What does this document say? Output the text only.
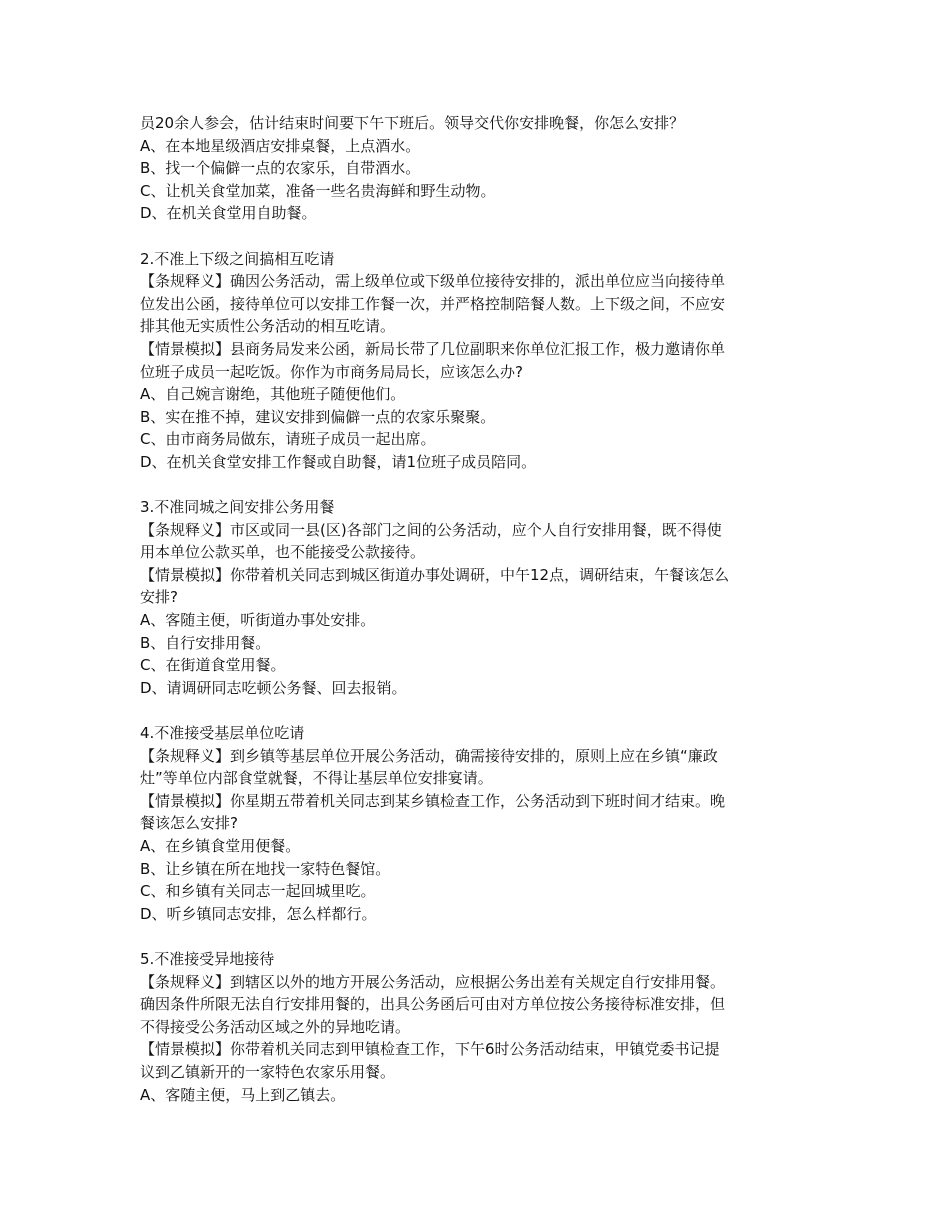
员20余人参会，估计结束时间要下午下班后。领导交代你安排晚餐，你怎么安排？
A、在本地星级酒店安排桌餐，上点酒水。
B、找一个偏僻一点的农家乐，自带酒水。
C、让机关食堂加菜，准备一些名贵海鲜和野生动物。
D、在机关食堂用自助餐。
2.不准上下级之间搞相互吃请
【条规释义】确因公务活动，需上级单位或下级单位接待安排的，派出单位应当向接待单
位发出公函，接待单位可以安排工作餐一次，并严格控制陪餐人数。上下级之间，不应安
排其他无实质性公务活动的相互吃请。
【情景模拟】县商务局发来公函，新局长带了几位副职来你单位汇报工作，极力邀请你单
位班子成员一起吃饭。你作为市商务局局长，应该怎么办?
A、自己婉言谢绝，其他班子随便他们。
B、实在推不掉，建议安排到偏僻一点的农家乐聚聚。
C、由市商务局做东，请班子成员一起出席。
D、在机关食堂安排工作餐或自助餐，请1位班子成员陪同。
3.不准同城之间安排公务用餐
【条规释义】市区或同一县(区)各部门之间的公务活动，应个人自行安排用餐，既不得使
用本单位公款买单，也不能接受公款接待。
【情景模拟】你带着机关同志到城区街道办事处调研，中午12点，调研结束，午餐该怎么
安排?
A、客随主便，听街道办事处安排。
B、自行安排用餐。
C、在街道食堂用餐。
D、请调研同志吃顿公务餐、回去报销。
4.不准接受基层单位吃请
【条规释义】到乡镇等基层单位开展公务活动，确需接待安排的，原则上应在乡镇“廉政
灶”等单位内部食堂就餐，不得让基层单位安排宴请。
【情景模拟】你星期五带着机关同志到某乡镇检查工作，公务活动到下班时间才结束。晚
餐该怎么安排?
A、在乡镇食堂用便餐。
B、让乡镇在所在地找一家特色餐馆。
C、和乡镇有关同志一起回城里吃。
D、听乡镇同志安排，怎么样都行。
5.不准接受异地接待
【条规释义】到辖区以外的地方开展公务活动，应根据公务出差有关规定自行安排用餐。
确因条件所限无法自行安排用餐的，出具公务函后可由对方单位按公务接待标准安排，但
不得接受公务活动区域之外的异地吃请。
【情景模拟】你带着机关同志到甲镇检查工作，下午6时公务活动结束，甲镇党委书记提
议到乙镇新开的一家特色农家乐用餐。
A、客随主便，马上到乙镇去。
